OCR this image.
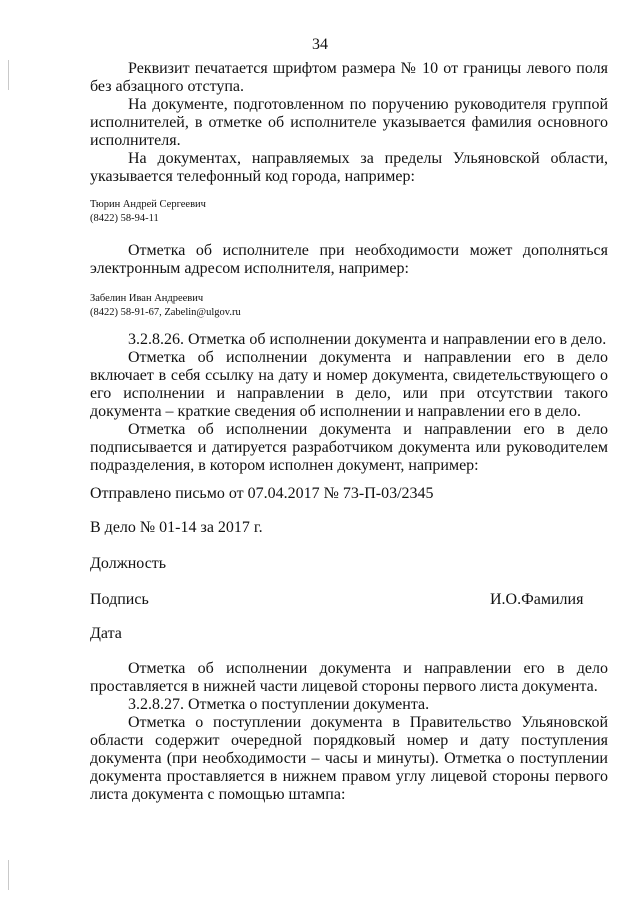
34

Реквизит печатается шрифтом размера № 10 от границы левого поля без абзацного отступа.

На документе, подготовленном по поручению руководителя группой исполнителей, в отметке об исполнителе указывается фамилия основного исполнителя.

На документах, направляемых за пределы Ульяновской области, указывается телефонный код города, например:

Тюрин Андрей Сергеевич

(8422) 58-94-11

Отметка об исполнителе при необходимости может дополняться электронным адресом исполнителя, например:

Забелин Иван Андреевич

(8422) 58-91-67, Zabelin@ulgov.ru

3.2.8.26. Отметка об исполнении документа и направлении его в дело.

Отметка об исполнении документа и направлении его в дело включает в себя ссылку на дату и номер документа, свидетельствующего о его исполнении и направлении в дело, или при отсутствии такого документа – краткие сведения об исполнении и направлении его в дело.

Отметка об исполнении документа и направлении его в дело подписывается и датируется разработчиком документа или руководителем подразделения, в котором исполнен документ, например:

Отправлено письмо от 07.04.2017 № 73-П-03/2345

В дело № 01-14 за 2017 г.

Должность

Подпись	И.О.Фамилия

Дата

Отметка об исполнении документа и направлении его в дело проставляется в нижней части лицевой стороны первого листа документа.

3.2.8.27. Отметка о поступлении документа.

Отметка о поступлении документа в Правительство Ульяновской области содержит очередной порядковый номер и дату поступления документа (при необходимости – часы и минуты). Отметка о поступлении документа проставляется в нижнем правом углу лицевой стороны первого листа документа с помощью штампа:
